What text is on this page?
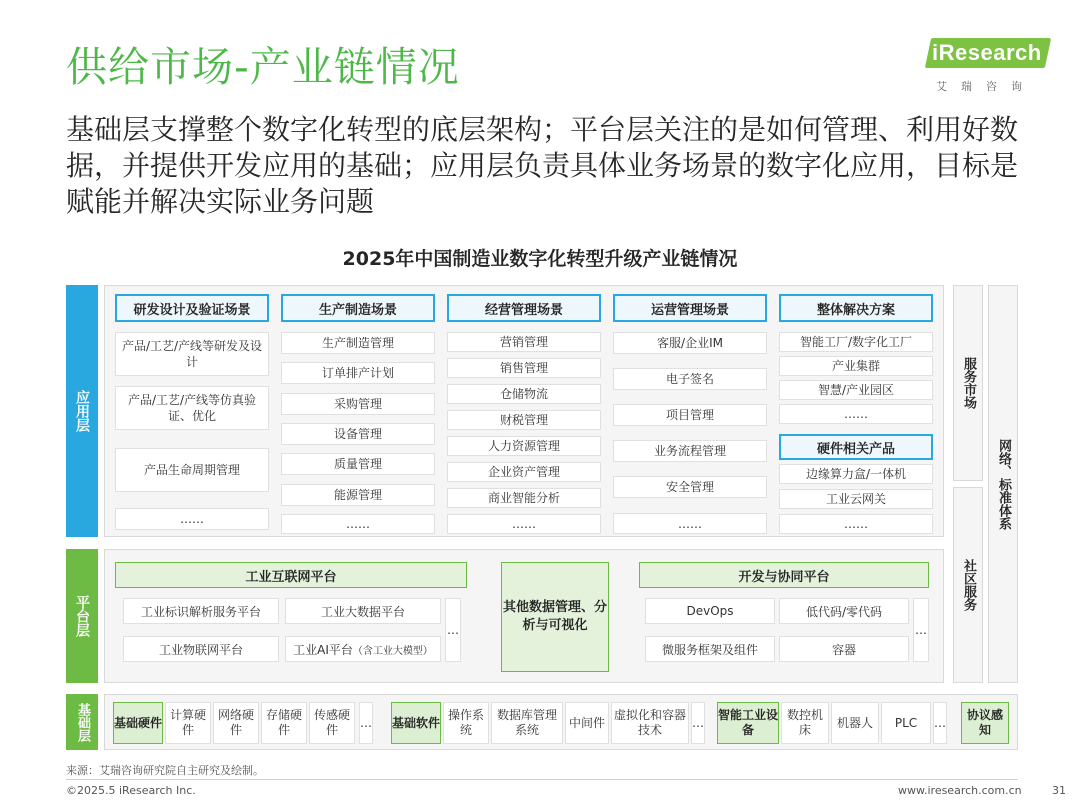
供给市场-产业链情况
基础层支撑整个数字化转型的底层架构；平台层关注的是如何管理、利用好数据，并提供开发应用的基础；应用层负责具体业务场景的数字化应用，目标是赋能并解决实际业务问题
iResearch
艾瑞咨询
2025年中国制造业数字化转型升级产业链情况
应用层
平台层
基础层
研发设计及验证场景
产品/工艺/产线等研发及设计
产品/工艺/产线等仿真验证、优化
产品生命周期管理
……
生产制造场景
生产制造管理
订单排产计划
采购管理
设备管理
质量管理
能源管理
……
经营管理场景
营销管理
销售管理
仓储物流
财税管理
人力资源管理
企业资产管理
商业智能分析
……
运营管理场景
客服/企业IM
电子签名
项目管理
业务流程管理
安全管理
……
整体解决方案
智能工厂/数字化工厂
产业集群
智慧/产业园区
……
硬件相关产品
边缘算力盒/一体机
工业云网关
……
工业互联网平台
工业标识解析服务平台	工业大数据平台
工业物联网平台	工业AI平台 （含工业大模型）
…
其他数据管理、分析与可视化
开发与协同平台
DevOps	低代码/零代码
微服务框架及组件	容器
…
基础硬件
计算硬件
网络硬件
存储硬件
传感硬件
… 基础软件
操作系统
数据库管理系统
中间件
虚拟化和容器技术
…
智能工业设备
数控机床
机器人	PLC	…
协议感知
服务市场
社区服务
网络、标准体系
来源：艾瑞咨询研究院自主研究及绘制。
©2025.5 iResearch Inc.	www.iresearch.com.cn	31
